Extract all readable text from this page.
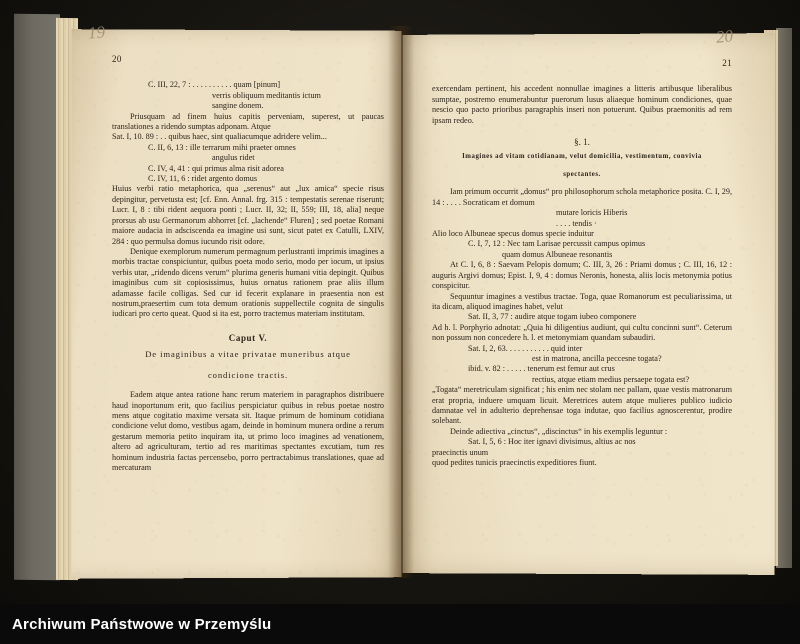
20
C. III, 22, 7 : . . . . . . . . . . quam [pinum]
verris obliquum meditantis ictum
sangine donem.

Priusquam ad finem huius capitis perveniam, superest, ut paucas translationes a ridendo sumptas adponam. Atque

Sat. I, 10. 89 : . . quibus haec, sint qualiacumque adridere velim...
C. II, 6, 13 : ille terrarum mihi praeter omnes
angulus ridet
C. IV, 4, 41 : qui primus alma risit adorea
C. IV, 11, 6 : ridet argento domus

Huius verbi ratio metaphorica, qua „serenus“ aut „lux amica“ specie risus depingitur, pervetusta est; [cf. Enn. Annal. frg. 315 : tempestatis serenae riserunt; Lucr. I, 8 : tibi rident aequora ponti ; Lucr. II, 32; II, 559; III, 18, alia] neque prorsus ab usu Germanorum abhorret [cf. „lachende“ Fluren] ; sed poetae Romani maiore audacia in adsciscenda ea imagine usi sunt, sicut patet ex Catulli, LXIV, 284 : quo permulsa domus iucundo risit odore.

Denique exemplorum numerum permagnum perlustranti imprimis imagines a morbis tractae conspiciuntur, quibus poeta modo serio, modo per iocum, ut ipsius verbis utar, „ridendo dicens verum“ plurima generis humani vitia depingit. Quibus imaginibus cum sit copiosissimus, huius ornatus rationem prae aliis illum adamasse facile colligas. Sed cur id fecerit explanare in praesentia non est nostrum,praesertim cum tota demum orationis suppellectile cognita de singulis iudicari pro certo queat. Quod si ita est, porro tractemus materiam institutam.

Caput V.
De imaginibus a vitae privatae muneribus atque
condicione tractis.

Eadem atque antea ratione hanc rerum materiem in paragraphos distribuere haud inoportunum erit, quo facilius perspiciatur quibus in rebus poetae nostro mens atque cogitatio maxime versata sit. Itaque primum de hominum cotidiana condicione velut domo, vestibus agam, deinde in hominum munera ordine a rerum gestarum memoria petito inquiram ita, ut primo loco imagines ad venationem, altero ad agriculturam, tertio ad res maritimas spectantes excutiam, tum res hominum industria factas percensebo, porro pertractabimus translationes, quae ad mercaturam

21

exercendam pertinent, his accedent nonnullae imagines a litteris artibusque liberalibus sumptae, postremo enumerabuntur puerorum lusus aliaeque hominum condiciones, quae nescio quo pacto prioribus paragraphis inseri non potuerunt. Quibus praemonitis ad rem ipsam redeo.

§. 1.
Imagines ad vitam cotidianam, velut domicilia, vestimentum, convivia
spectantes.

Iam primum occurrit „domus“ pro philosophorum schola metaphorice posita. C. I, 29, 14 : . . . . Socraticam et domum

mutare loricis Hiberis
. . . . tendis ·
Alio loco Albuneae specus domus specie induitur
C. I, 7, 12 : Nec tam Larisae percussit campus opimus
quam domus Albuneae resonantis

At C. I, 6, 8 : Saevam Pelopis domum; C. III, 3, 26 : Priami domus ; C. III, 16, 12 : auguris Argivi domus; Epist. I, 9, 4 : domus Neronis, honesta, aliis locis metonymia potius conspicitur.

Sequuntur imagines a vestibus tractae. Toga, quae Romanorum est peculiarissima, ut ita dicam, aliquod imagines habet, velut

Sat. II, 3, 77 : audire atque togam iubeo componere

Ad h. l. Porphyrio adnotat: „Quia hi diligentius audiunt, qui cultu concinni sunt“. Ceterum non possum non concedere h. l. et metonymiam quandam subaudiri.

Sat. I, 2, 63. . . . . . . . . . . quid inter
est in matrona, ancilla peccesne togata?
ibid. v. 82 : . . . . . tenerum est femur aut crus
rectius, atque etiam medius persaepe togata est?

„Togata“ meretriculam significat ; his enim nec stolam nec pallam, quae vestis matronarum erat propria, induere umquam licuit. Meretrices autem atque mulieres publico iudicio damnatae vel in adulterio deprehensae toga indutae, quo facilius agnoscerentur, prodire solebant.

Deinde adiectiva „cinctus“, „discinctus“ in his exemplis leguntur :

Sat. I, 5, 6 : Hoc iter ignavi divisimus, altius ac nos
praecinctis unum
quod pedites tunicis praecinctis expeditiores fiunt.
19	20
Archiwum Państwowe w Przemyślu
